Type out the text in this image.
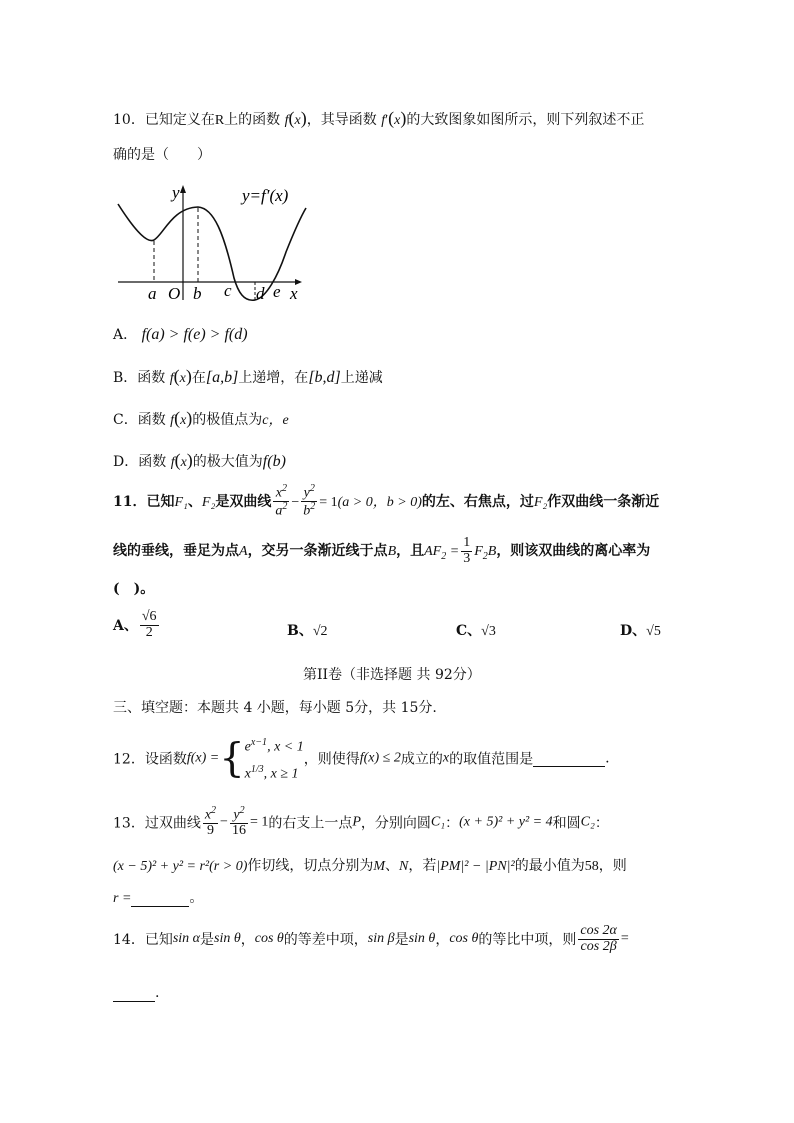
10．已知定义在R上的函数 f(x)，其导函数 f′(x)的大致图象如图所示，则下列叙述不正
确的是（　　）
y=f′(x)
y
x
O
a b c d e
A． f(a) > f(e) > f(d)
B．函数 f(x)在[a,b]上递增，在[b,d]上递减
C．函数 f(x)的极值点为c，e
D．函数 f(x)的极大值为f(b)
11．已知F₁、F₂是双曲线 $\frac{x^2}{a^2} - \frac{y^2}{b^2} = 1(a > 0$，b > 0)的左、右焦点，过F₂作双曲线一条渐近
线的垂线，垂足为点A，交另一条渐近线于点B，且$AF_2 = \frac{1}{3} F_2B$，则该双曲线的离心率为
(　)。
A、 $\frac{√6}{2}$	B、√2	C、√3	D、√5
第II卷（非选择题 共 92分）
三、填空题：本题共 4 小题，每小题 5分，共 15分.
12．设函数f(x) ={ $e^{x-1}$, x < 1
$x^{1/3}$, x ≥ 1
，则使得f(x) ≤ 2成立的x的取值范围是	.
13．过双曲线 $\frac{x^2}{9} - \frac{y^2}{16} = 1$的右支上一点P，分别向圆C₁：(x + 5)² + y² = 4和圆C₂：
(x − 5)² + y² = r²(r > 0)作切线，切点分别为M、N，若|PM|² − |PN|²的最小值为58，则
r =	。
14．已知sin α是sin θ，cos θ的等差中项，sin β是sin θ，cos θ的等比中项，则 $\frac{\cos 2\alpha}{\cos 2\beta}$ =
.
